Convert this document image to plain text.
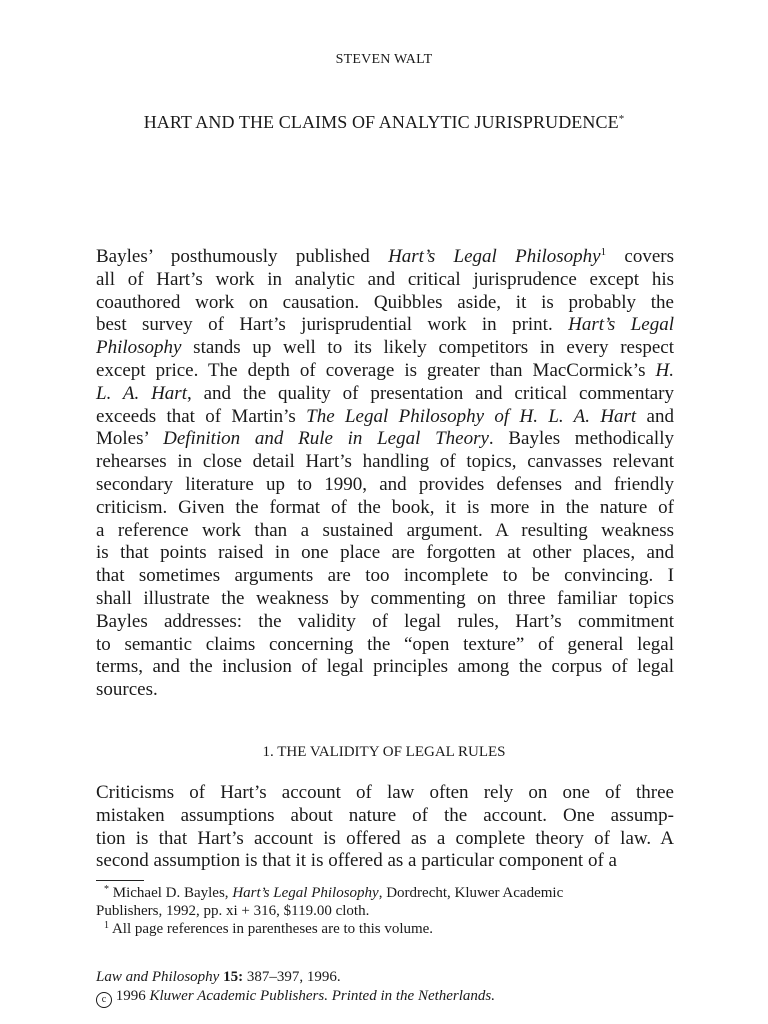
STEVEN WALT
HART AND THE CLAIMS OF ANALYTIC JURISPRUDENCE*
Bayles’ posthumously published Hart’s Legal Philosophy$^1$ covers
all of Hart’s work in analytic and critical jurisprudence except his
coauthored work on causation. Quibbles aside, it is probably the
best survey of Hart’s jurisprudential work in print. Hart’s Legal
Philosophy stands up well to its likely competitors in every respect
except price. The depth of coverage is greater than MacCormick’s H.
L. A. Hart, and the quality of presentation and critical commentary
exceeds that of Martin’s The Legal Philosophy of H. L. A. Hart and
Moles’ Definition and Rule in Legal Theory. Bayles methodically
rehearses in close detail Hart’s handling of topics, canvasses relevant
secondary literature up to 1990, and provides defenses and friendly
criticism. Given the format of the book, it is more in the nature of
a reference work than a sustained argument. A resulting weakness
is that points raised in one place are forgotten at other places, and
that sometimes arguments are too incomplete to be convincing. I
shall illustrate the weakness by commenting on three familiar topics
Bayles addresses: the validity of legal rules, Hart’s commitment
to semantic claims concerning the “open texture” of general legal
terms, and the inclusion of legal principles among the corpus of legal
sources.
1. THE VALIDITY OF LEGAL RULES
Criticisms of Hart’s account of law often rely on one of three
mistaken assumptions about nature of the account. One assump-
tion is that Hart’s account is offered as a complete theory of law. A
second assumption is that it is offered as a particular component of a
* Michael D. Bayles, Hart’s Legal Philosophy, Dordrecht, Kluwer Academic
Publishers, 1992, pp. xi + 316, $119.00 cloth.
$^1$ All page references in parentheses are to this volume.
Law and Philosophy 15: 387–397, 1996.
c 1996 Kluwer Academic Publishers. Printed in the Netherlands.
